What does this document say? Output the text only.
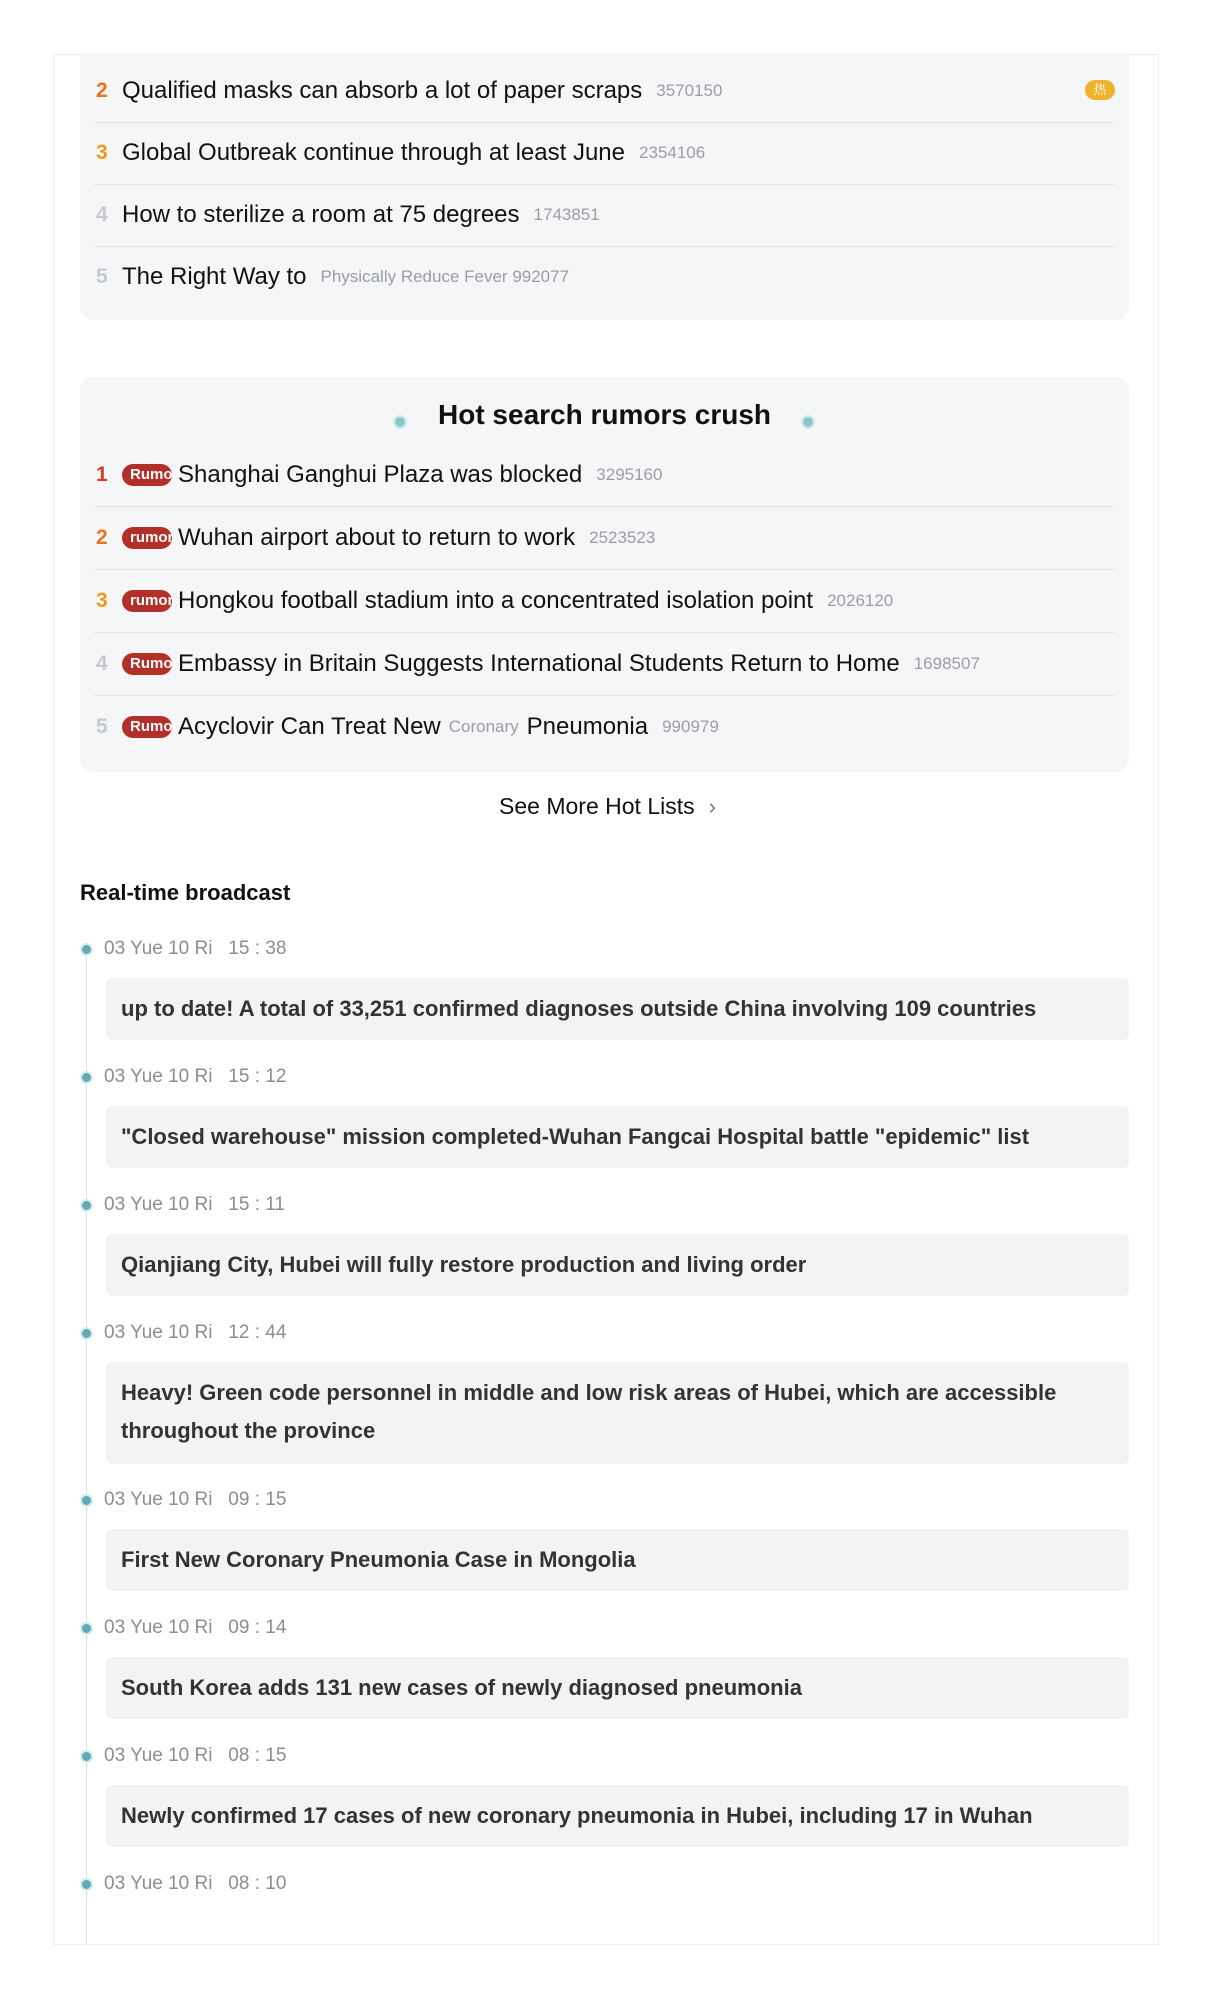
2 Qualified masks can absorb a lot of paper scraps 3570150	热
3 Global Outbreak continue through at least June 2354106
4 How to sterilize a room at 75 degrees 1743851
5 The Right Way to Physically Reduce Fever 992077
Hot search rumors crush
1	Rumor Shanghai Ganghui Plaza was blocked 3295160
2	rumor Wuhan airport about to return to work 2523523
3	rumor Hongkou football stadium into a concentrated isolation point 2026120
4	Rumor Embassy in Britain Suggests International Students Return to Home 1698507
5	Rumor Acyclovir Can Treat New Coronary Pneumonia 990979
See More Hot Lists ›
Real-time broadcast
03 Yue 10 Ri   15 : 38
up to date! A total of 33,251 confirmed diagnoses outside China involving 109 countries
03 Yue 10 Ri   15 : 12
"Closed warehouse" mission completed-Wuhan Fangcai Hospital battle "epidemic" list
03 Yue 10 Ri   15 : 11
Qianjiang City, Hubei will fully restore production and living order
03 Yue 10 Ri   12 : 44
Heavy! Green code personnel in middle and low risk areas of Hubei, which are accessible throughout the province
03 Yue 10 Ri   09 : 15
First New Coronary Pneumonia Case in Mongolia
03 Yue 10 Ri   09 : 14
South Korea adds 131 new cases of newly diagnosed pneumonia
03 Yue 10 Ri   08 : 15
Newly confirmed 17 cases of new coronary pneumonia in Hubei, including 17 in Wuhan
03 Yue 10 Ri   08 : 10
